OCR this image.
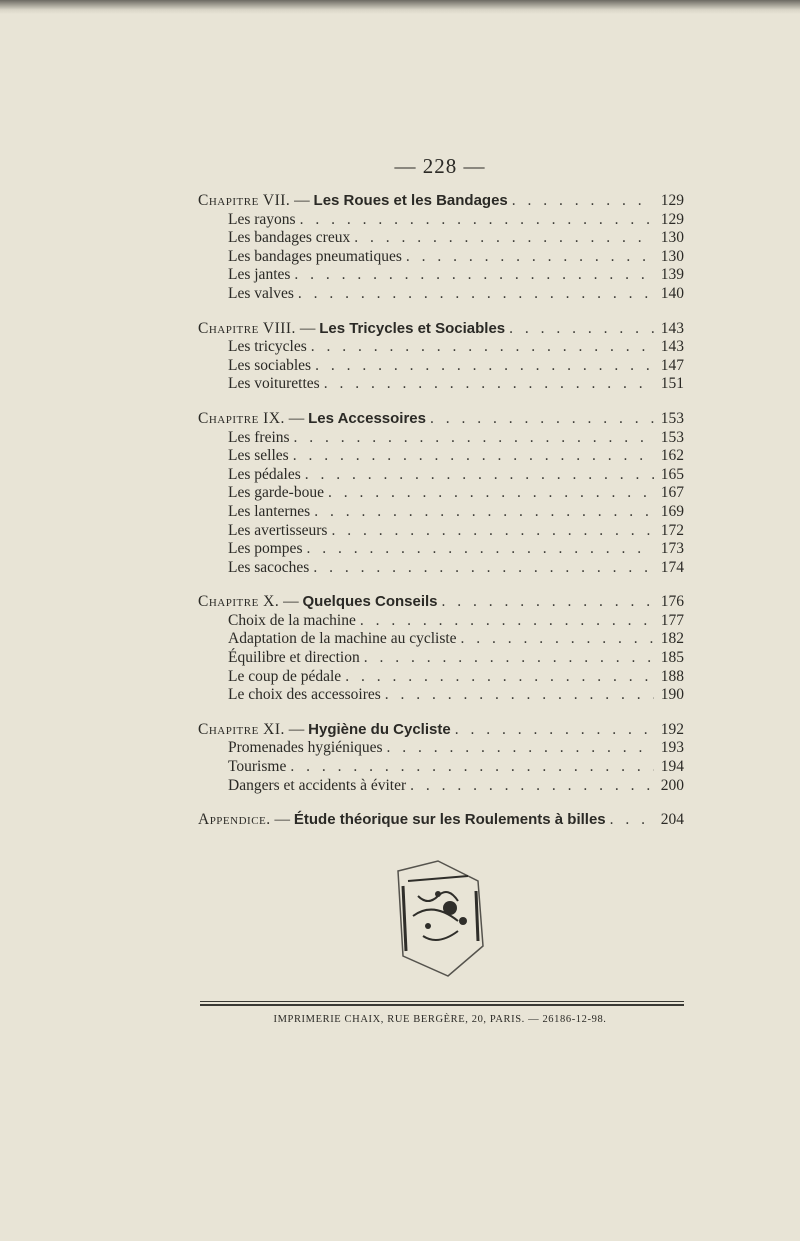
— 228 —
Chapitre VII. — Les Roues et les Bandages . . .	129
Les rayons . . .	129
Les bandages creux . . .	130
Les bandages pneumatiques . . .	130
Les jantes . . .	139
Les valves . . .	140
Chapitre VIII. — Les Tricycles et Sociables . . .	143
Les tricycles . . .	143
Les sociables . . .	147
Les voiturettes . . .	151
Chapitre IX. — Les Accessoires . . .	153
Les freins . . .	153
Les selles . . .	162
Les pédales . . .	165
Les garde-boue . . .	167
Les lanternes . . .	169
Les avertisseurs . . .	172
Les pompes . . .	173
Les sacoches . . .	174
Chapitre X. — Quelques Conseils . . .	176
Choix de la machine . . .	177
Adaptation de la machine au cycliste . . .	182
Équilibre et direction . . .	185
Le coup de pédale . . .	188
Le choix des accessoires . . .	190
Chapitre XI. — Hygiène du Cycliste . . .	192
Promenades hygiéniques . . .	193
Tourisme . . .	194
Dangers et accidents à éviter . . .	200
Appendice. — Étude théorique sur les Roulements à billes . . .	204
IMPRIMERIE CHAIX, RUE BERGÈRE, 20, PARIS. — 26186-12-98.
